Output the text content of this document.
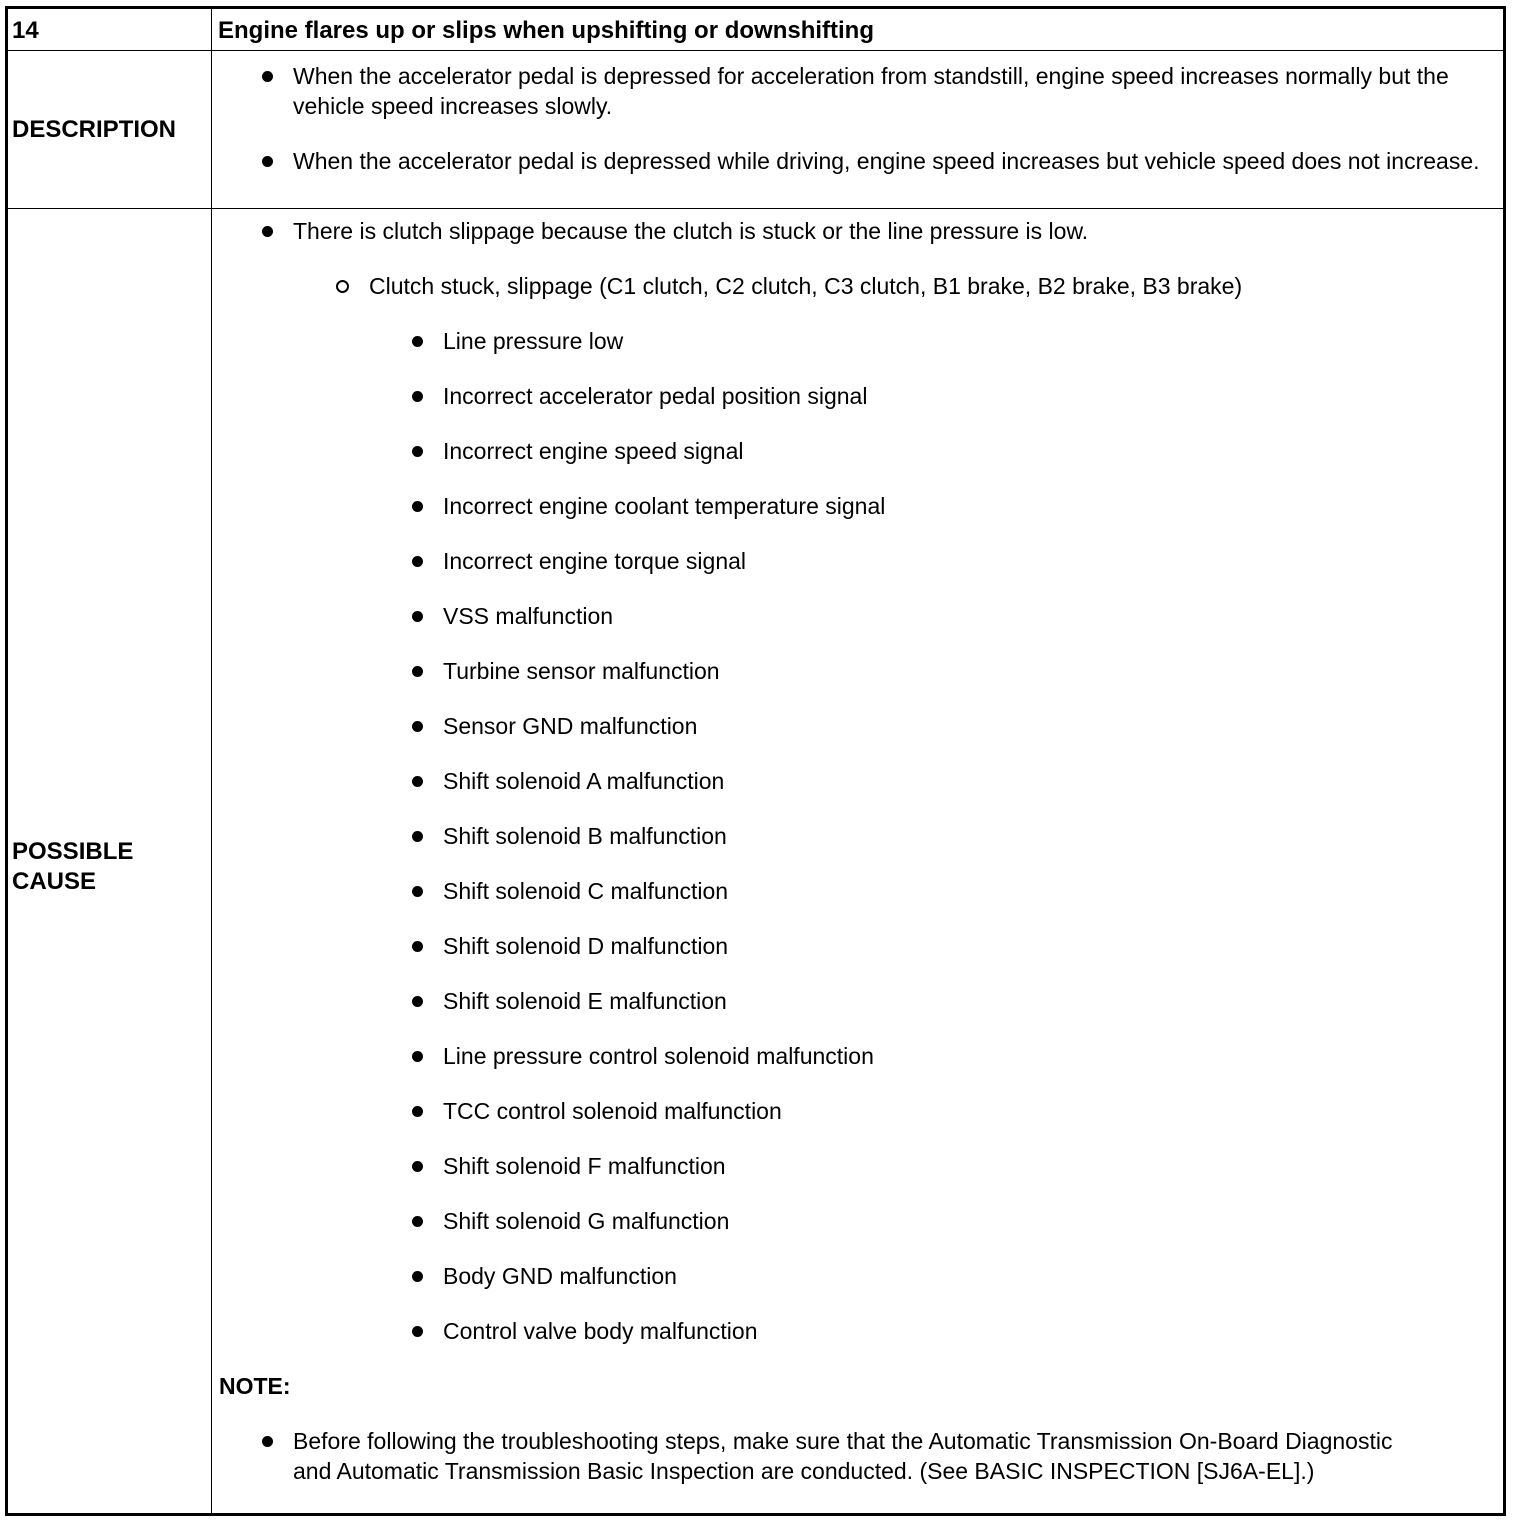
14	Engine flares up or slips when upshifting or downshifting
DESCRIPTION
When the accelerator pedal is depressed for acceleration from standstill, engine speed increases normally but the vehicle speed increases slowly.
When the accelerator pedal is depressed while driving, engine speed increases but vehicle speed does not increase.
POSSIBLE CAUSE
There is clutch slippage because the clutch is stuck or the line pressure is low.
Clutch stuck, slippage (C1 clutch, C2 clutch, C3 clutch, B1 brake, B2 brake, B3 brake)
Line pressure low
Incorrect accelerator pedal position signal
Incorrect engine speed signal
Incorrect engine coolant temperature signal
Incorrect engine torque signal
VSS malfunction
Turbine sensor malfunction
Sensor GND malfunction
Shift solenoid A malfunction
Shift solenoid B malfunction
Shift solenoid C malfunction
Shift solenoid D malfunction
Shift solenoid E malfunction
Line pressure control solenoid malfunction
TCC control solenoid malfunction
Shift solenoid F malfunction
Shift solenoid G malfunction
Body GND malfunction
Control valve body malfunction
NOTE:
Before following the troubleshooting steps, make sure that the Automatic Transmission On-Board Diagnostic and Automatic Transmission Basic Inspection are conducted. (See BASIC INSPECTION [SJ6A-EL].)
